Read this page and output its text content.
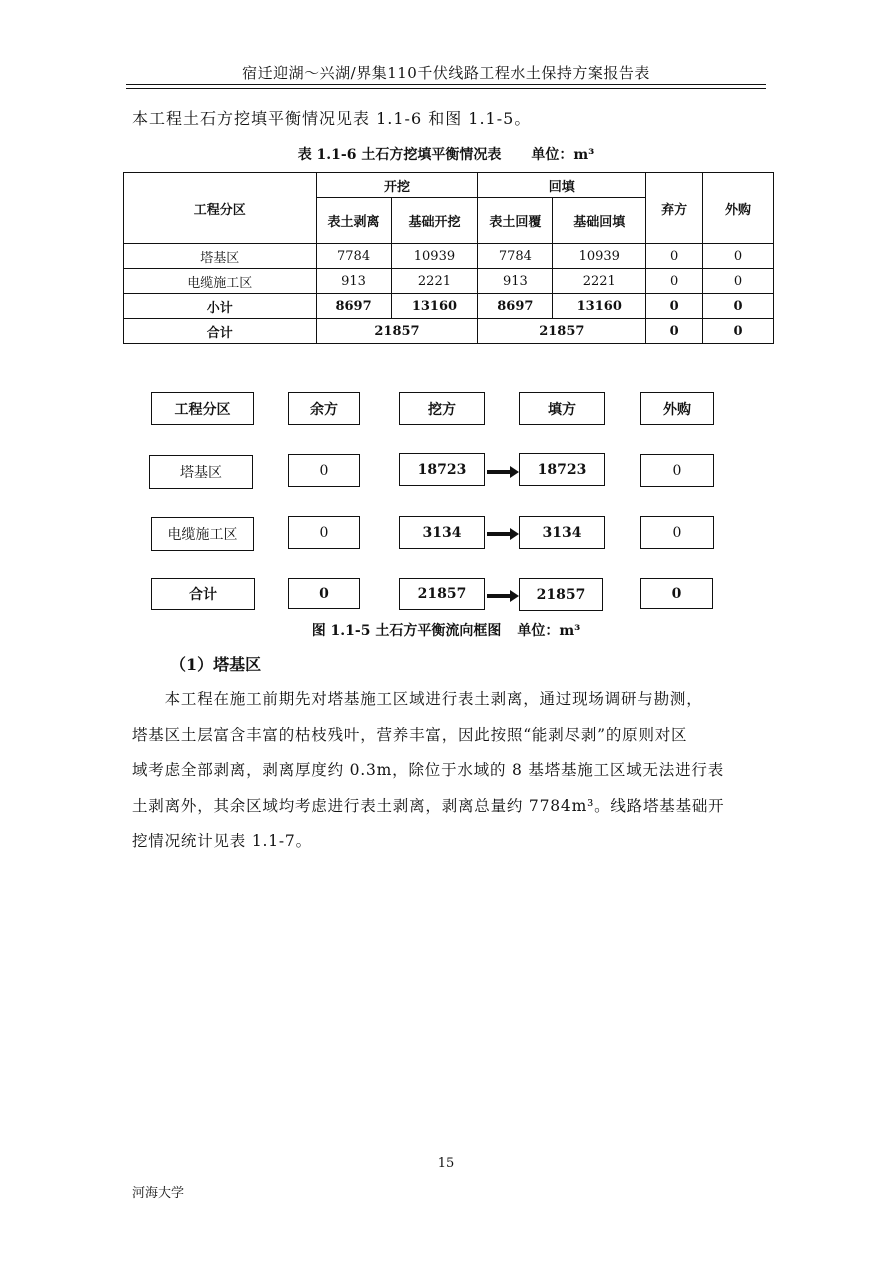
宿迁迎湖～兴湖/界集110千伏线路工程水土保持方案报告表
本工程土石方挖填平衡情况见表 1.1-6 和图 1.1-5。
表 1.1-6 土石方挖填平衡情况表 单位：m³
工程分区	开挖		回填		弃方	外购
	表土剥离	基础开挖	表土回覆	基础回填		
塔基区	7784	10939	7784	10939	0	0
电缆施工区	913	2221	913	2221	0	0
小计	8697	13160	8697	13160	0	0
合计	21857		21857		0	0
工程分区	余方	挖方	填方	外购
塔基区	0	18723	18723	0
电缆施工区	0	3134	3134	0
合计	0	21857	21857	0
图 1.1-5 土石方平衡流向框图 单位：m³
（1）塔基区

　　本工程在施工前期先对塔基施工区域进行表土剥离，通过现场调研与勘测，

塔基区土层富含丰富的枯枝残叶，营养丰富，因此按照“能剥尽剥”的原则对区

域考虑全部剥离，剥离厚度约 0.3m，除位于水域的 8 基塔基施工区域无法进行表

土剥离外，其余区域均考虑进行表土剥离，剥离总量约 7784m³。线路塔基基础开

挖情况统计见表 1.1-7。

15
河海大学
